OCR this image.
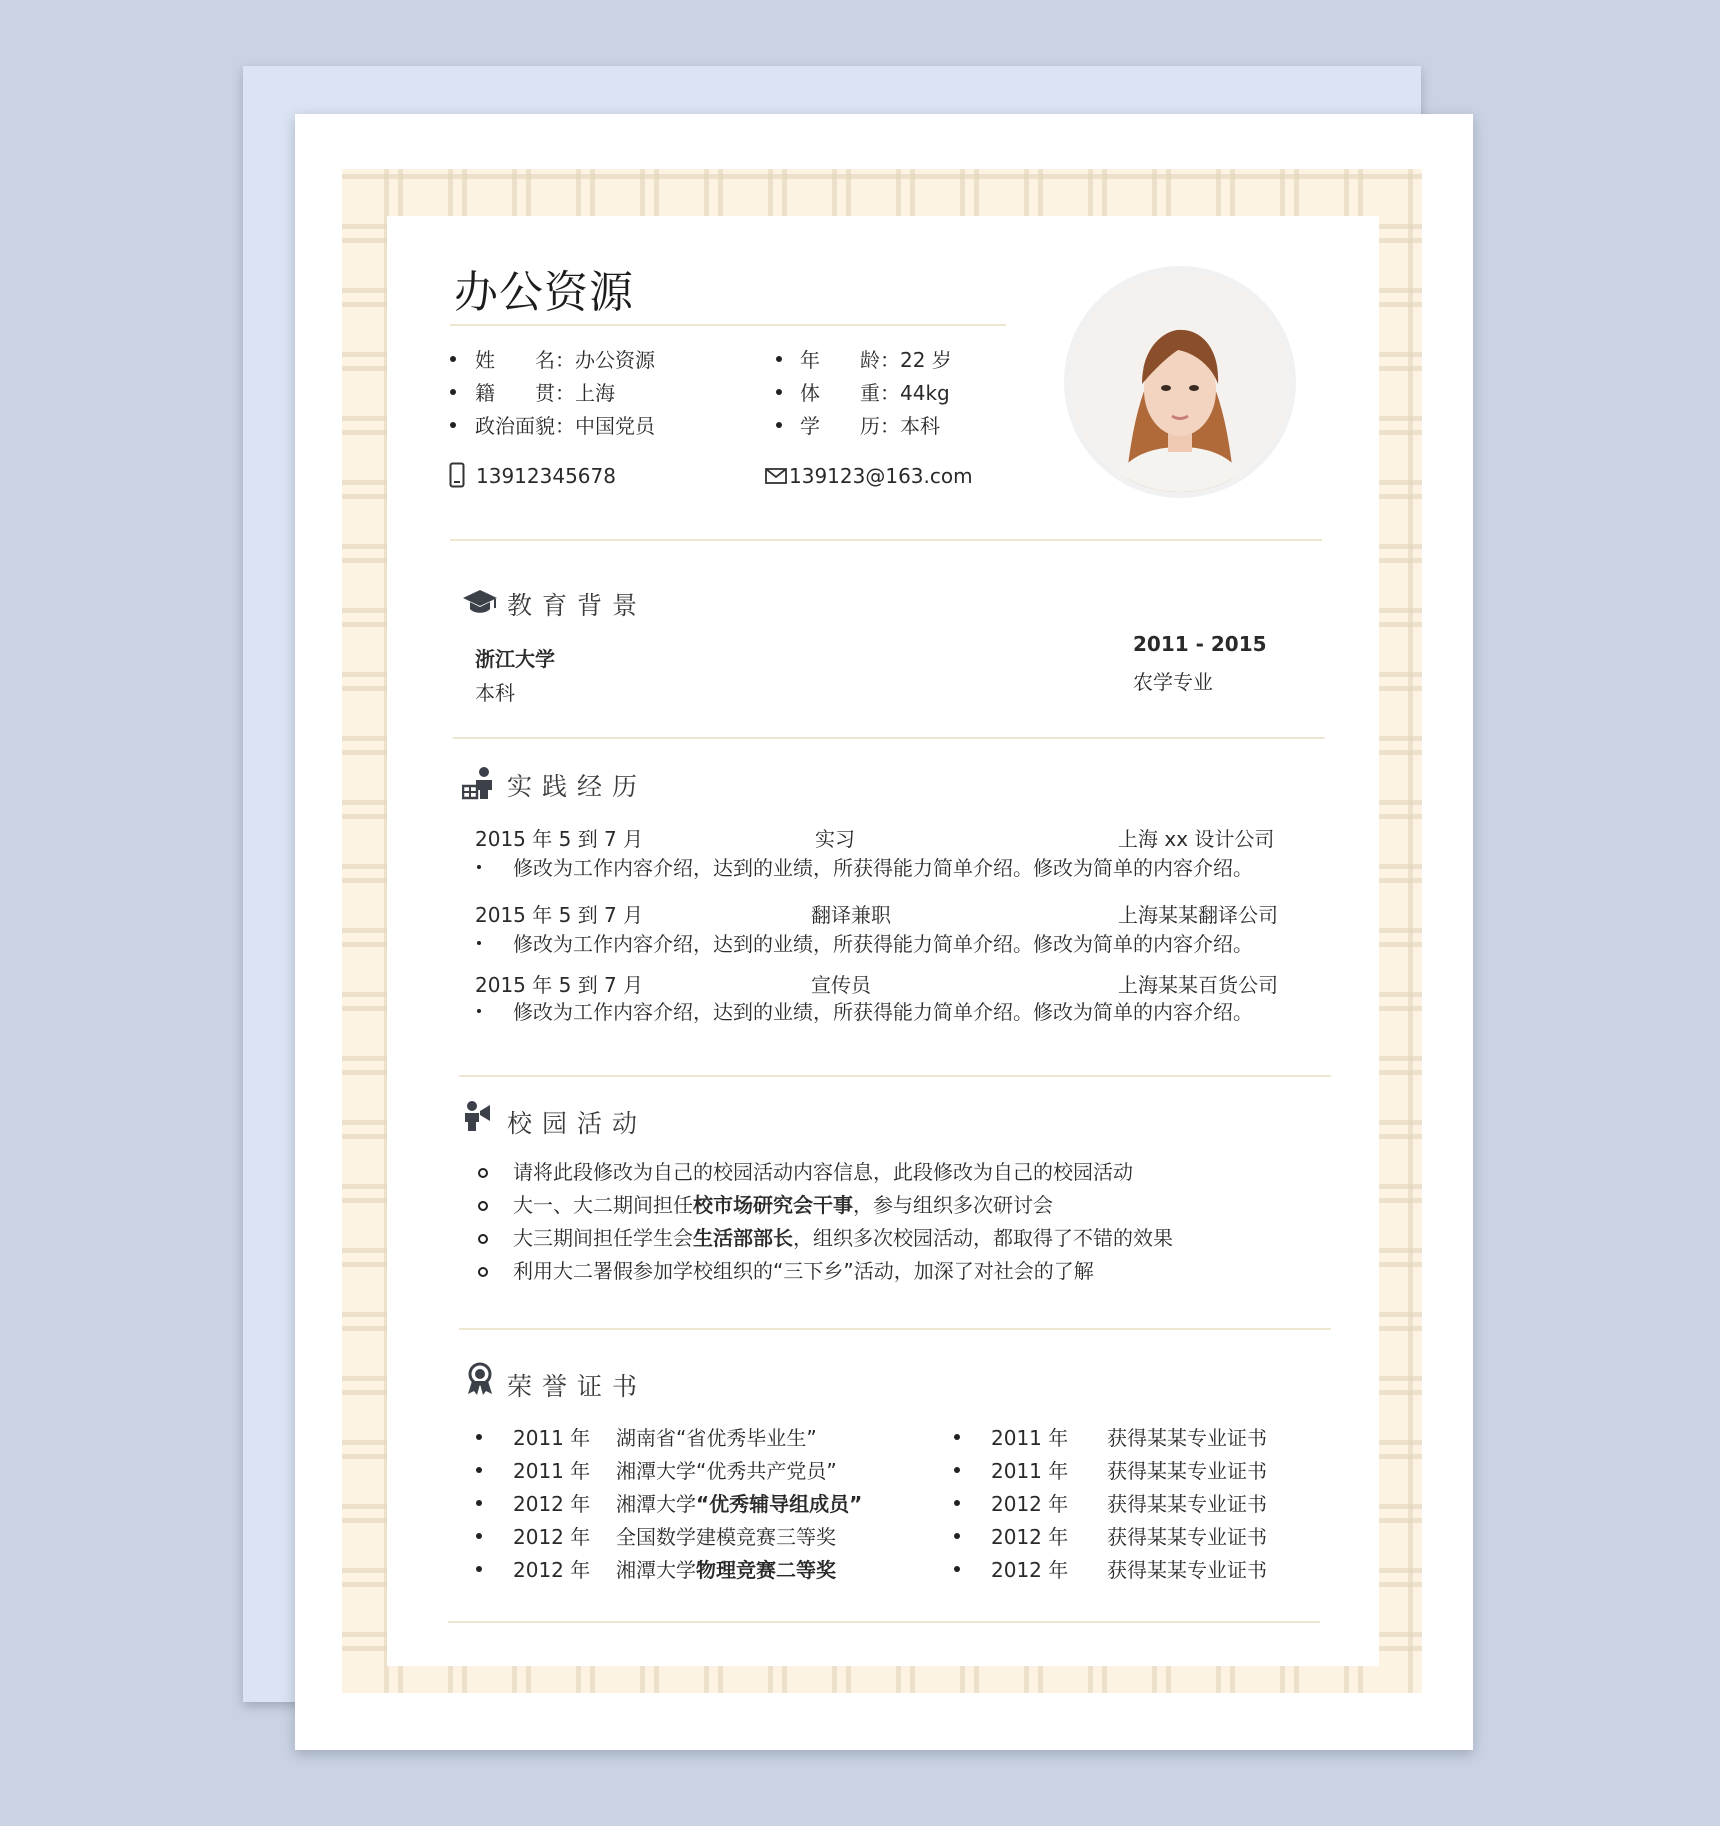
办公资源
姓　　名：办公资源
籍　　贯：上海
政治面貌：中国党员
年　　龄：22 岁
体　　重：44kg
学　　历：本科
13912345678	139123@163.com
教育背景
浙江大学
本科
2011 - 2015
农学专业
实践经历
2015 年 5 到 7 月	实习	上海 xx 设计公司
修改为工作内容介绍，达到的业绩，所获得能力简单介绍。修改为简单的内容介绍。
2015 年 5 到 7 月	翻译兼职	上海某某翻译公司
修改为工作内容介绍，达到的业绩，所获得能力简单介绍。修改为简单的内容介绍。
2015 年 5 到 7 月	宣传员	上海某某百货公司
修改为工作内容介绍，达到的业绩，所获得能力简单介绍。修改为简单的内容介绍。
校园活动
请将此段修改为自己的校园活动内容信息，此段修改为自己的校园活动
大一、大二期间担任校市场研究会干事，参与组织多次研讨会
大三期间担任学生会生活部部长，组织多次校园活动，都取得了不错的效果
利用大二署假参加学校组织的“三下乡”活动，加深了对社会的了解
荣誉证书
2011 年 湖南省“省优秀毕业生”
2011 年 湘潭大学“优秀共产党员”
2012 年 湘潭大学“优秀辅导组成员”
2012 年 全国数学建模竞赛三等奖
2012 年 湘潭大学物理竞赛二等奖
2011 年 获得某某专业证书
2011 年 获得某某专业证书
2012 年 获得某某专业证书
2012 年 获得某某专业证书
2012 年 获得某某专业证书
